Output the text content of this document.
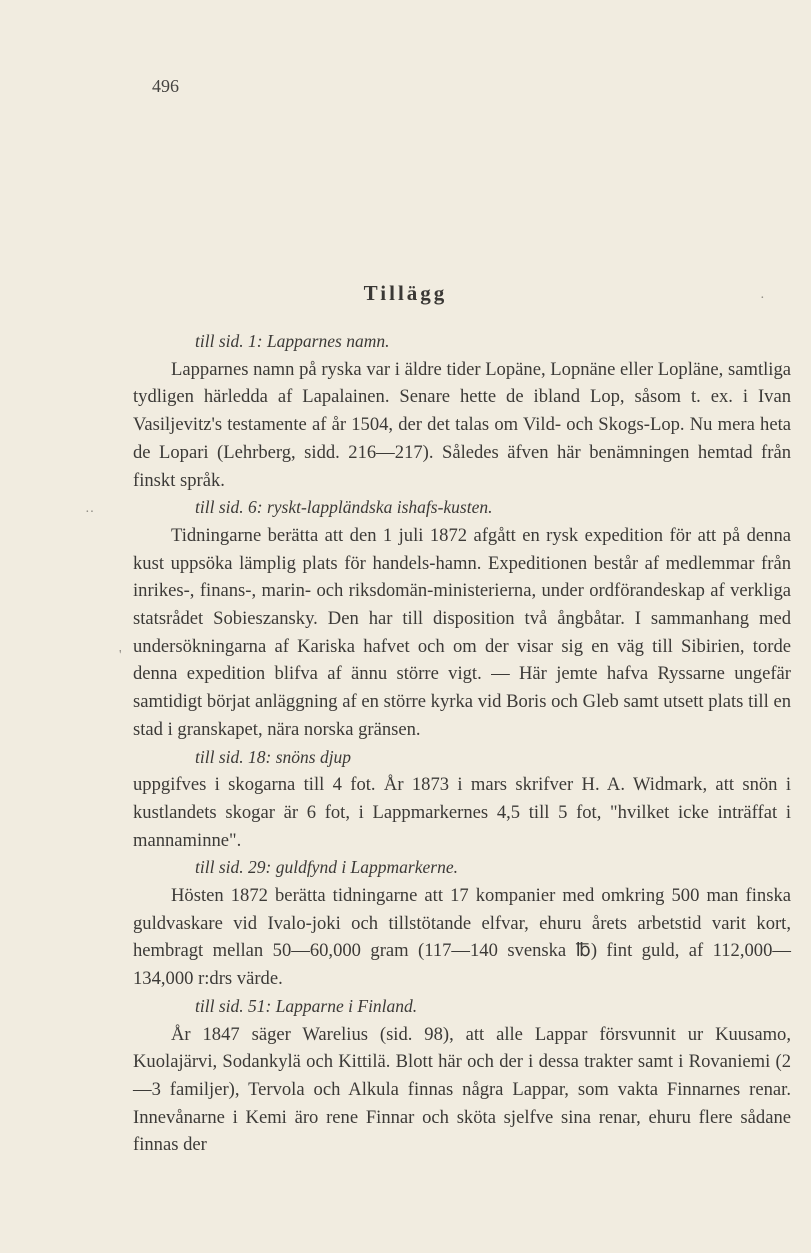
496
Tillägg	·
··
'
till sid. 1: Lapparnes namn.

Lapparnes namn på ryska var i äldre tider Lopäne, Lopnäne eller Lopläne, samtliga tydligen härledda af Lapalainen. Senare hette de ibland Lop, såsom t. ex. i Ivan Vasiljevitz's testamente af år 1504, der det talas om Vild- och Skogs-Lop. Nu mera heta de Lopari (Lehrberg, sidd. 216—217). Således äfven här benämningen hemtad från finskt språk.

till sid. 6: ryskt-lappländska ishafs-kusten.

Tidningarne berätta att den 1 juli 1872 afgått en rysk expedition för att på denna kust uppsöka lämplig plats för handels-hamn. Expeditionen består af medlemmar från inrikes-, finans-, marin- och riksdomän-ministerierna, under ordförandeskap af verkliga statsrådet Sobieszansky. Den har till disposition två ångbåtar. I sammanhang med undersökningarna af Kariska hafvet och om der visar sig en väg till Sibirien, torde denna expedition blifva af ännu större vigt. — Här jemte hafva Ryssarne ungefär samtidigt börjat anläggning af en större kyrka vid Boris och Gleb samt utsett plats till en stad i granskapet, nära norska gränsen.

till sid. 18: snöns djup

uppgifves i skogarna till 4 fot. År 1873 i mars skrifver H. A. Widmark, att snön i kustlandets skogar är 6 fot, i Lappmarkernes 4,5 till 5 fot, "hvilket icke inträffat i mannaminne".

till sid. 29: guldfynd i Lappmarkerne.

Hösten 1872 berätta tidningarne att 17 kompanier med omkring 500 man finska guldvaskare vid Ivalo-joki och tillstötande elfvar, ehuru årets arbetstid varit kort, hembragt mellan 50—60,000 gram (117—140 svenska ℔) fint guld, af 112,000—134,000 r:drs värde.

till sid. 51: Lapparne i Finland.

År 1847 säger Warelius (sid. 98), att alle Lappar försvunnit ur Kuusamo, Kuolajärvi, Sodankylä och Kittilä. Blott här och der i dessa trakter samt i Rovaniemi (2—3 familjer), Tervola och Alkula finnas några Lappar, som vakta Finnarnes renar. Innevånarne i Kemi äro rene Finnar och sköta sjelfve sina renar, ehuru flere sådane finnas der
